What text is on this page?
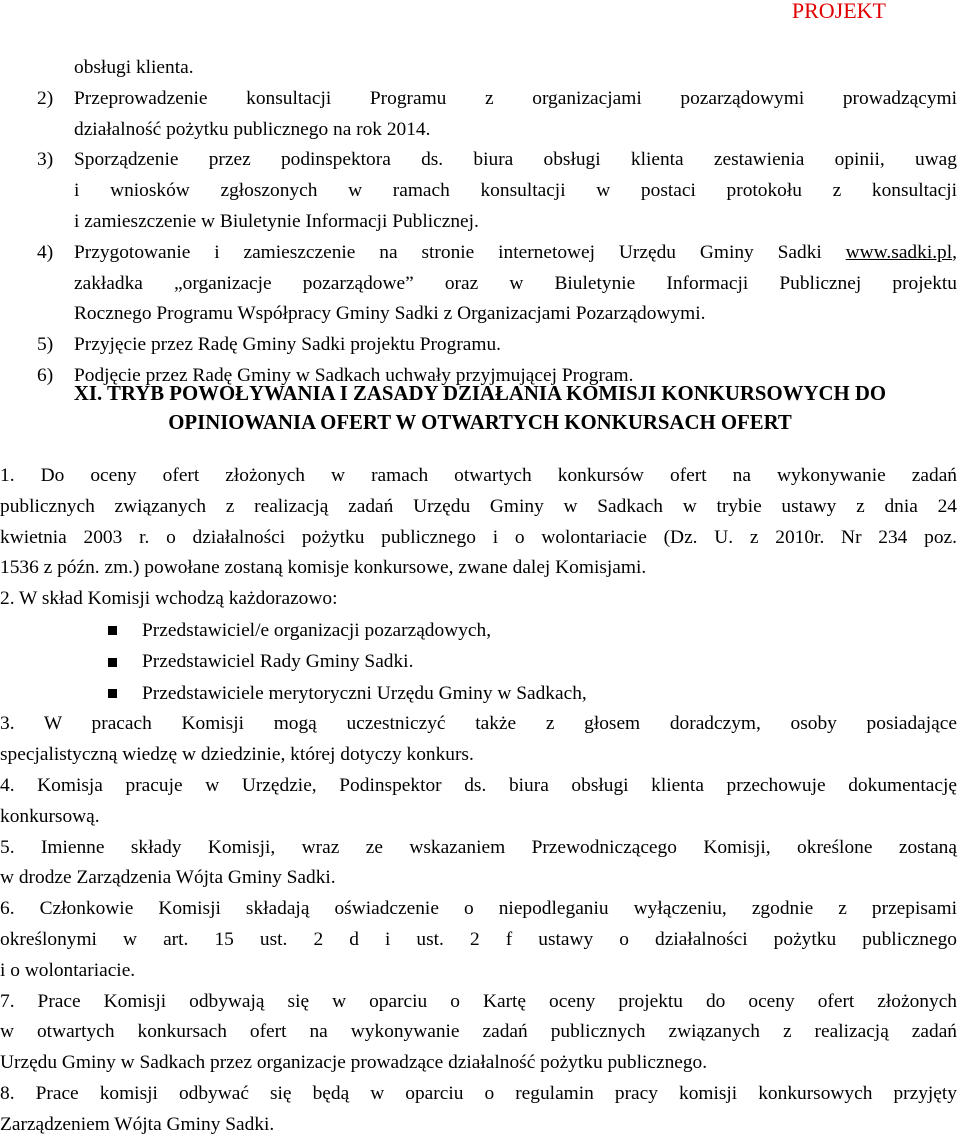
PROJEKT
obsługi klienta.
2)	Przeprowadzenie konsultacji Programu z organizacjami pozarządowymi prowadzącymi
działalność pożytku publicznego na rok 2014.
3)	Sporządzenie przez podinspektora ds. biura obsługi klienta zestawienia opinii, uwag
i wniosków zgłoszonych w ramach konsultacji w postaci protokołu z konsultacji
i zamieszczenie w Biuletynie Informacji Publicznej.
4)	Przygotowanie i zamieszczenie na stronie internetowej Urzędu Gminy Sadki www.sadki.pl,
zakładka „organizacje pozarządowe” oraz w Biuletynie Informacji Publicznej projektu
Rocznego Programu Współpracy Gminy Sadki z Organizacjami Pozarządowymi.
5)	Przyjęcie przez Radę Gminy Sadki projektu Programu.
6)	Podjęcie przez Radę Gminy w Sadkach uchwały przyjmującej Program.
XI. TRYB POWOŁYWANIA I ZASADY DZIAŁANIA KOMISJI KONKURSOWYCH DO
OPINIOWANIA OFERT W OTWARTYCH KONKURSACH OFERT
1. Do oceny ofert złożonych w ramach otwartych konkursów ofert na wykonywanie zadań
publicznych związanych z realizacją zadań Urzędu Gminy w Sadkach w trybie ustawy z dnia 24
kwietnia 2003 r. o działalności pożytku publicznego i o wolontariacie (Dz. U. z 2010r. Nr 234 poz.
1536 z późn. zm.) powołane zostaną komisje konkursowe, zwane dalej Komisjami.
2. W skład Komisji wchodzą każdorazowo:
Przedstawiciel/e organizacji pozarządowych,
Przedstawiciel Rady Gminy Sadki.
Przedstawiciele merytoryczni Urzędu Gminy w Sadkach,
3. W pracach Komisji mogą uczestniczyć także z głosem doradczym, osoby posiadające
specjalistyczną wiedzę w dziedzinie, której dotyczy konkurs.
4. Komisja pracuje w Urzędzie, Podinspektor ds. biura obsługi klienta przechowuje dokumentację
konkursową.
5. Imienne składy Komisji, wraz ze wskazaniem Przewodniczącego Komisji, określone zostaną
w drodze Zarządzenia Wójta Gminy Sadki.
6. Członkowie Komisji składają oświadczenie o niepodleganiu wyłączeniu, zgodnie z przepisami
określonymi w art. 15 ust. 2 d i ust. 2 f ustawy o działalności pożytku publicznego
i o wolontariacie.
7. Prace Komisji odbywają się w oparciu o Kartę oceny projektu do oceny ofert złożonych
w otwartych konkursach ofert na wykonywanie zadań publicznych związanych z realizacją zadań
Urzędu Gminy w Sadkach przez organizacje prowadzące działalność pożytku publicznego.
8. Prace komisji odbywać się będą w oparciu o regulamin pracy komisji konkursowych przyjęty
Zarządzeniem Wójta Gminy Sadki.
